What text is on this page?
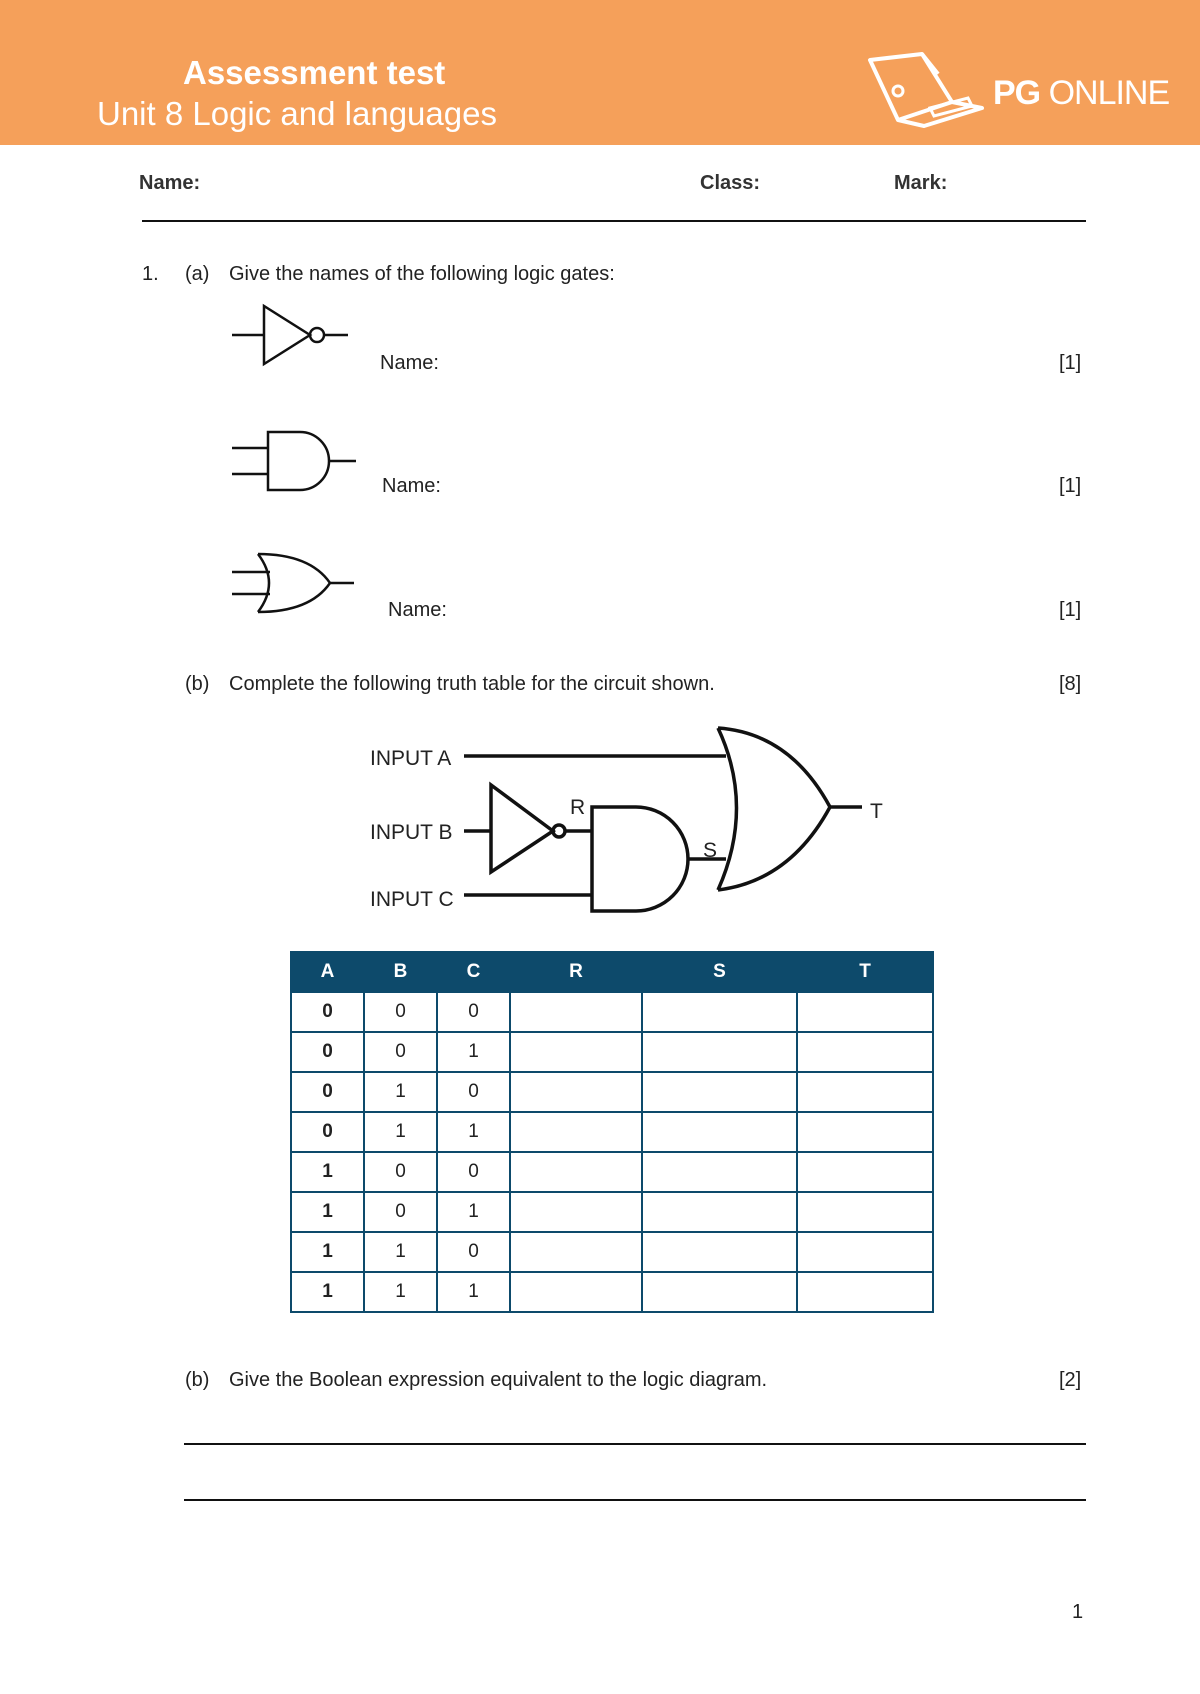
Assessment test
Unit 8 Logic and languages
PG ONLINE
Name:	Class:	Mark:
1. (a) Give the names of the following logic gates:
Name:	[1]
Name:	[1]
Name:	[1]
(b) Complete the following truth table for the circuit shown.	[8]
INPUT A
INPUT B
INPUT C
R
S
T
A	B	C	R	S	T
0	0	0			
0	0	1			
0	1	0			
0	1	1			
1	0	0			
1	0	1			
1	1	0			
1	1	1			
(b) Give the Boolean expression equivalent to the logic diagram.	[2]
1
